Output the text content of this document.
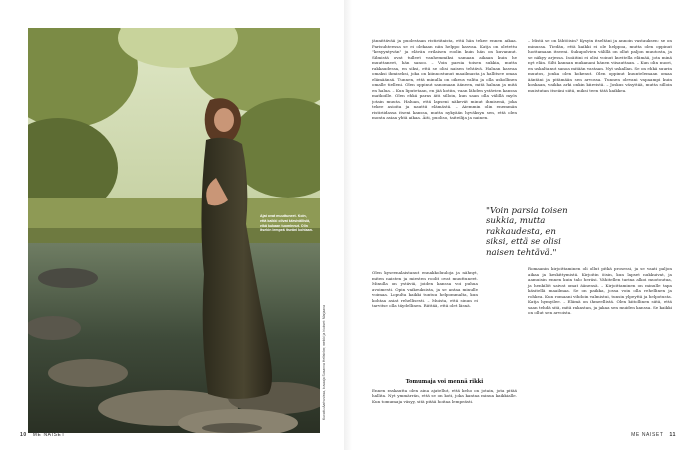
Ajat ovat muuttuneet. Koin, että kaikki olivat kärsivällisiä, eikä kukaan tuominnut. Olin itsekin lempeä itseäni kohtaan.
Kuvattu Aarhusissa, kuvaaja Susanna Hellström; meikki ja hiukset: Marjaana

jännittävää ja puolestaan ristiriitaista, että hän tekee ennen aikaa. Parisuhteessa se ei olekaan niin helppo kasvaa. Katja on oletettu "kesyyntyvän" ja elävän erilaisen roolin kuin hän on kuvannut. Silmistä ovat tulleet vanhemmiksi samaan aikaan kuin he muuttaneet, hän sanoo. – Voin parsia toisen sukkia, mutta rakkaudessa, en siksi, että se olisi naisen tehtävä. Haluan kasvaa omaksi ihmiseksi, joka on kiinnostunut maailmasta ja hallitsee omaa elämäänsä. Tunnen, että minulla on oikeus valita ja olla uskollinen omalle tielleni. Olen oppinut sanomaan ääneen, mitä haluan ja mitä en halua. – Kun liputetaan, en jää kotiin, vaan lähden ystävien kanssa matkoille. Olen ehkä paras äiti silloin, kun saan olla välillä myös jotain muuta. Haluan, että lapseni näkevät minut ihmisenä, joka tekee asioita ja nauttii elämästä. – Aiemmin olin enemmän ristiriidassa itseni kanssa, mutta nykyään hyväksyn sen, että olen monta asiaa yhtä aikaa. Äiti, puoliso, taiteilija ja nainen.

Olen kyseenalaistanut ennakkoluuloja ja nähnyt, miten naisten ja miesten roolit ovat muuttuneet. Minulla on ystäviä, joiden kanssa voi puhua avoimesti. Opin vaikeuksista, ja se antaa minulle voimaa. Lopulta kaikki tuntuu helpommalta, kun kohtaa asiat rehellisesti. – Muista, että sinun ei tarvitse olla täydellinen. Riittää, että olet läsnä.

Tomumaja voi mennä rikki

Ennen raskautta olen aina ajatellut, että keho on jotain, jota pitää hallita. Nyt ymmärrän, että se on koti, joka kantaa minua kaikkialle. Kun tomumaja väsyy, sitä pitää hoitaa lempeästi.

– Mistä se on lähtöisin? Kysyin itseltäni ja annoin vastauksen: se on minussa. Tiedän, että kaikki ei ole helppoa, mutta olen oppinut luottamaan itseeni. Sukupolvien välillä on ollut paljon muutosta, ja se näkyy arjessa. Isoäitini ei olisi voinut kuvitella elämää, jota minä nyt elän. Silti kannan mukanani hänen viisauttaan. – Kun olin nuori, en uskaltanut sanoa mitään vastaan. Nyt uskallan. Se on ehkä suurin muutos, jonka olen kokenut. Olen oppinut kuuntelemaan omaa ääntäni ja pitämään sen arvossa. Tunnen olevani vapaampi kuin koskaan, vaikka arki onkin kiireistä. – Joskus väsyttää, mutta silloin muistutan itseäni siitä, miksi teen tätä kaikkea.

"Voin parsia toisen sukkia, mutta rakkaudesta, en siksi, että se olisi naisen tehtävä."

Romaanin kirjoittaminen oli ollut pitkä prosessi, ja se vaati paljon aikaa ja keskittymistä. Kirjoitin öisin, kun lapset nukkuivat, ja aamuisin ennen kuin talo heräsi. Vähitellen tarina alkoi muotoutua, ja henkilöt saivat omat äänensä. – Kirjoittaminen on minulle tapa käsitellä maailmaa. Se on paikka, jossa voin olla rehellinen ja rohkea. Kun romaani vihdoin valmistui, tunsin ylpeyttä ja helpotusta. Katja hymyilee. – Elämä on ihmeellistä. Olen kiitollinen siitä, että saan tehdä sitä, mitä rakastan, ja jakaa sen muiden kanssa. Se kaikki on ollut sen arvoista.

10 ME NAISET	ME NAISET 11
